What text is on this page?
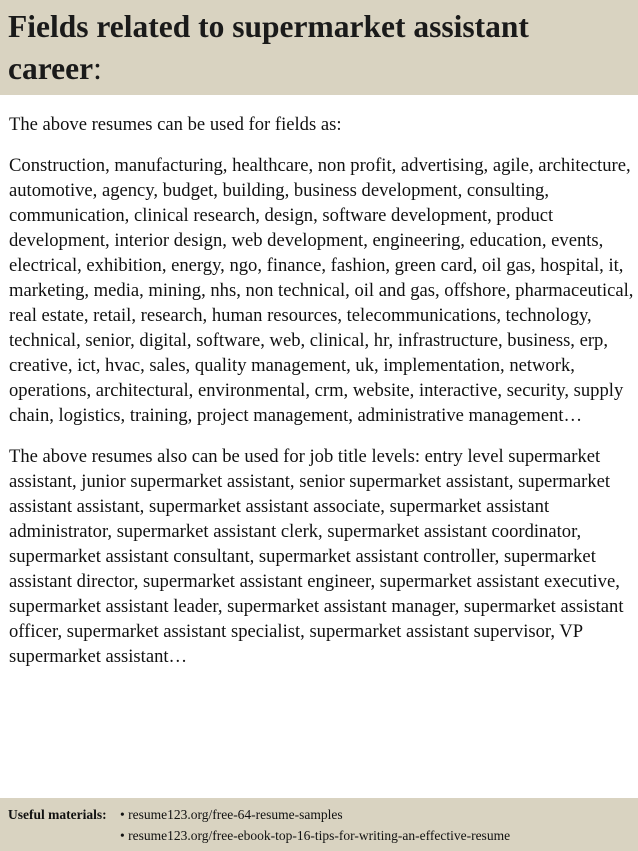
Fields related to supermarket assistant career:

The above resumes can be used for fields as:

Construction, manufacturing, healthcare, non profit, advertising, agile, architecture, automotive, agency, budget, building, business development, consulting, communication, clinical research, design, software development, product development, interior design, web development, engineering, education, events, electrical, exhibition, energy, ngo, finance, fashion, green card, oil gas, hospital, it, marketing, media, mining, nhs, non technical, oil and gas, offshore, pharmaceutical, real estate, retail, research, human resources, telecommunications, technology, technical, senior, digital, software, web, clinical, hr, infrastructure, business, erp, creative, ict, hvac, sales, quality management, uk, implementation, network, operations, architectural, environmental, crm, website, interactive, security, supply chain, logistics, training, project management, administrative management…

The above resumes also can be used for job title levels: entry level supermarket assistant, junior supermarket assistant, senior supermarket assistant, supermarket assistant assistant, supermarket assistant associate, supermarket assistant administrator, supermarket assistant clerk, supermarket assistant coordinator, supermarket assistant consultant, supermarket assistant controller, supermarket assistant director, supermarket assistant engineer, supermarket assistant executive, supermarket assistant leader, supermarket assistant manager, supermarket assistant officer, supermarket assistant specialist, supermarket assistant supervisor, VP supermarket assistant…

Useful materials: • resume123.org/free-64-resume-samples
• resume123.org/free-ebook-top-16-tips-for-writing-an-effective-resume
